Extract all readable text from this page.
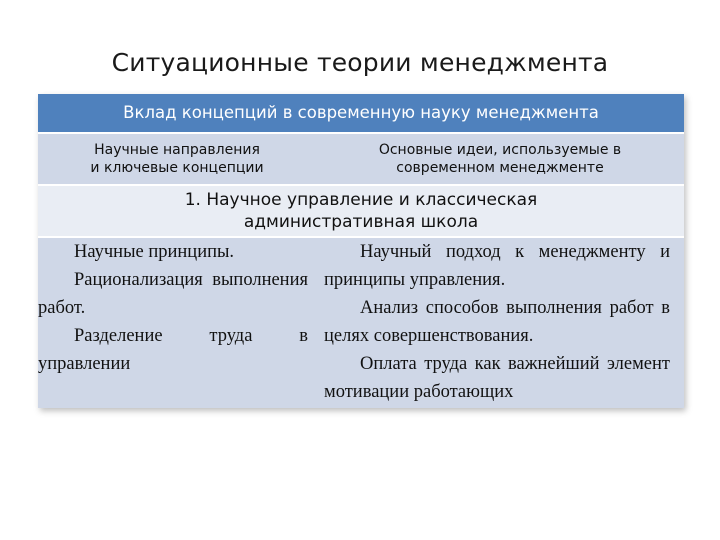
Ситуационные теории менеджмента
Вклад концепций в современную науку менеджмента
Научные направления
и ключевые концепции
Основные идеи, используемые в
современном менеджменте
1. Научное управление и классическая
административная школа
Научные принципы.
Рационализация выполнения работ.
Разделение труда в управлении
Научный подход к менеджменту и принципы управления.
Анализ способов выполнения работ в целях совершенствования.
Оплата труда как важнейший элемент мотивации работающих
